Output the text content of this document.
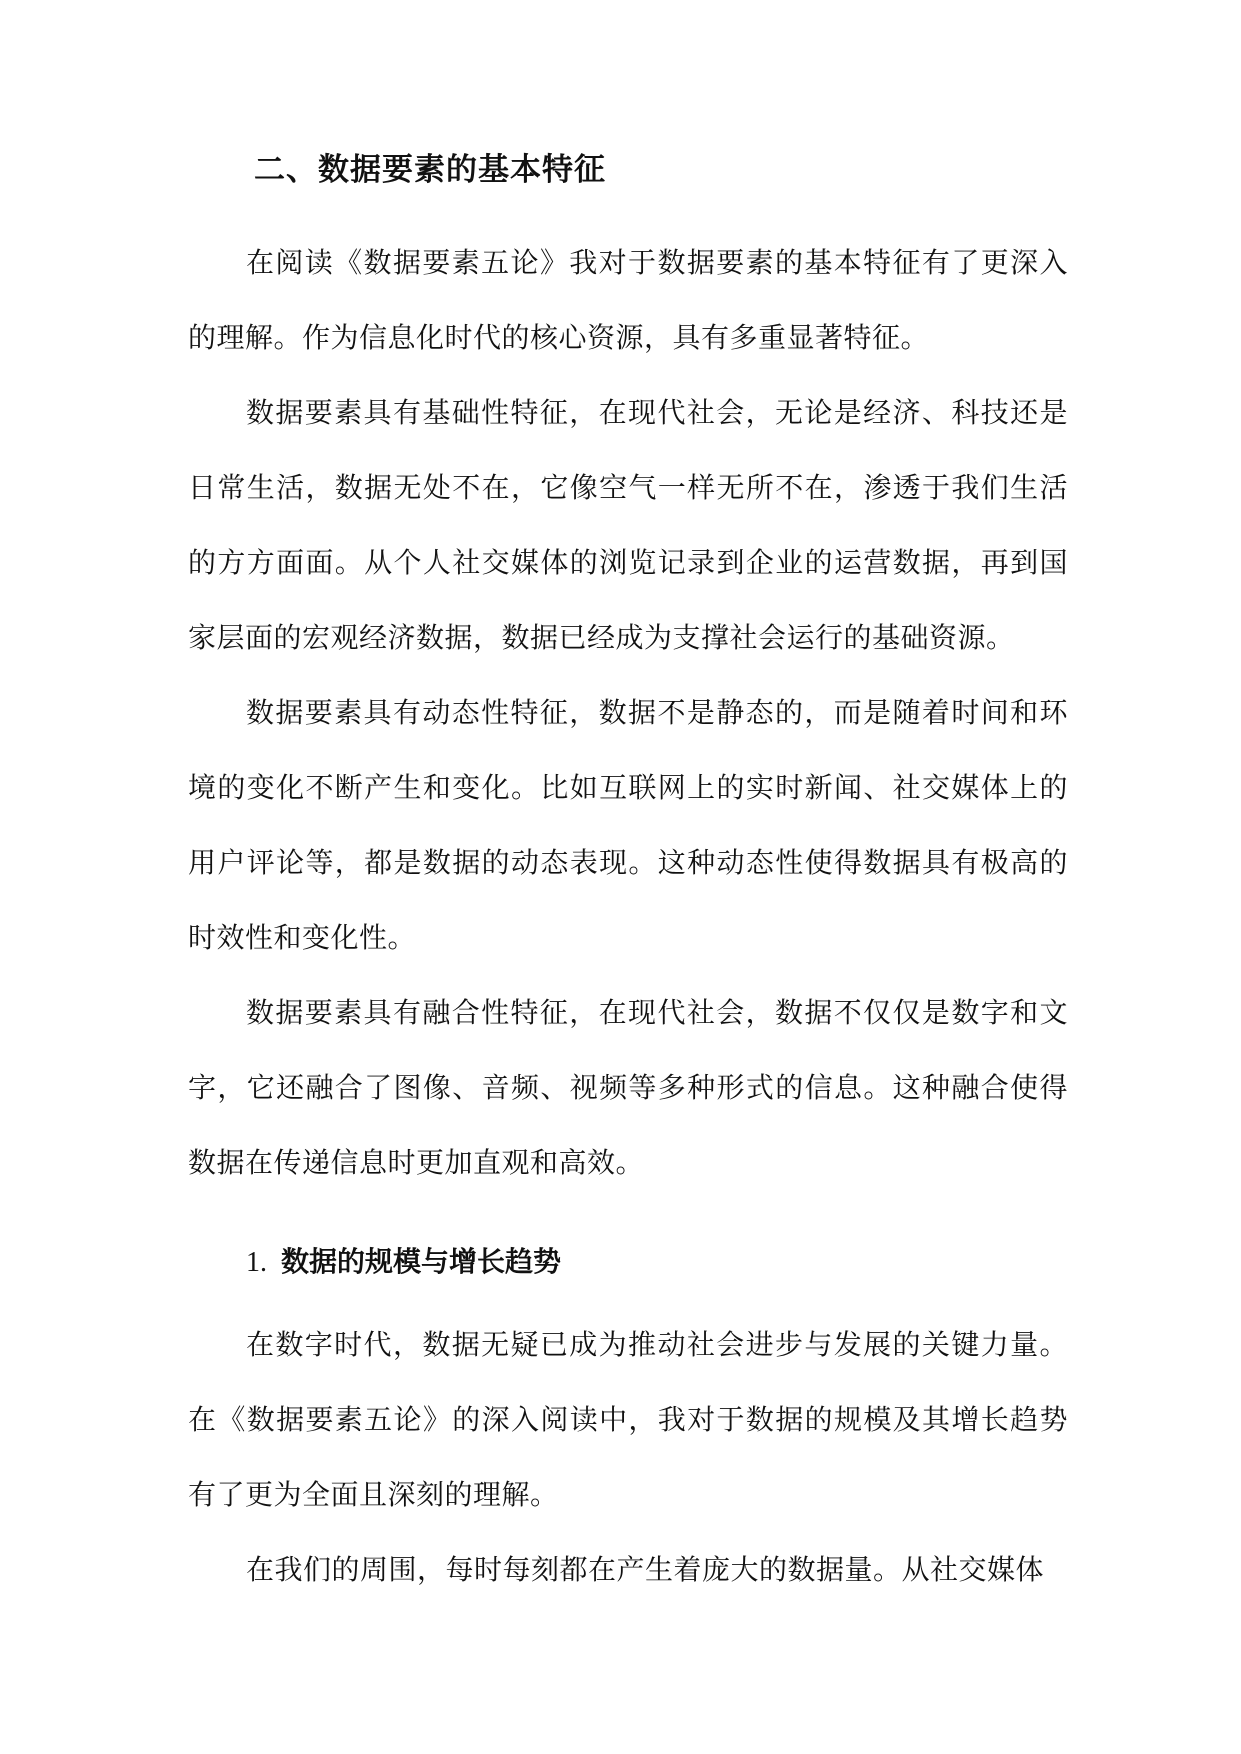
二、数据要素的基本特征

在阅读《数据要素五论》我对于数据要素的基本特征有了更深入的理解。作为信息化时代的核心资源，具有多重显著特征。

数据要素具有基础性特征，在现代社会，无论是经济、科技还是日常生活，数据无处不在，它像空气一样无所不在，渗透于我们生活的方方面面。从个人社交媒体的浏览记录到企业的运营数据，再到国家层面的宏观经济数据，数据已经成为支撑社会运行的基础资源。

数据要素具有动态性特征，数据不是静态的，而是随着时间和环境的变化不断产生和变化。比如互联网上的实时新闻、社交媒体上的用户评论等，都是数据的动态表现。这种动态性使得数据具有极高的时效性和变化性。

数据要素具有融合性特征，在现代社会，数据不仅仅是数字和文字，它还融合了图像、音频、视频等多种形式的信息。这种融合使得数据在传递信息时更加直观和高效。

1. 数据的规模与增长趋势

在数字时代，数据无疑已成为推动社会进步与发展的关键力量。在《数据要素五论》的深入阅读中，我对于数据的规模及其增长趋势有了更为全面且深刻的理解。

在我们的周围，每时每刻都在产生着庞大的数据量。从社交媒体
